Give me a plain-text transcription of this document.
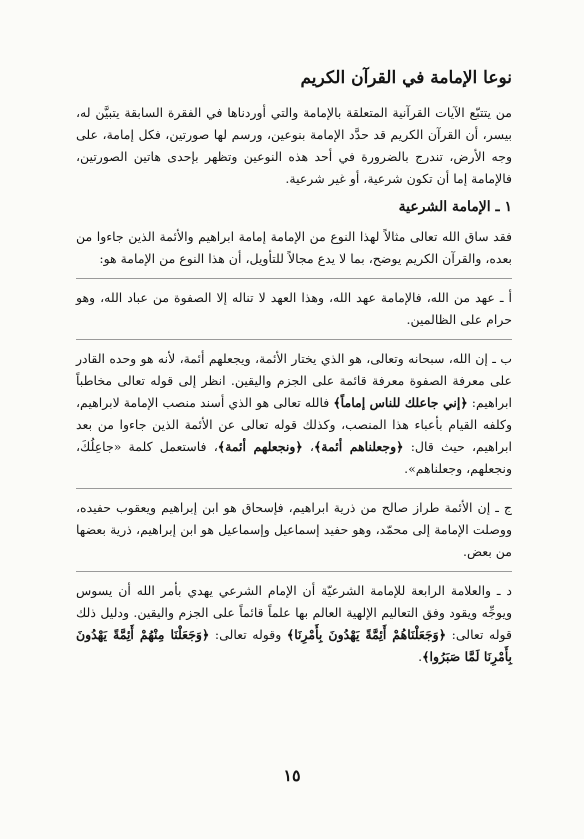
نوعا الإمامة في القرآن الكريم

من يتتبّع الآيات القرآنية المتعلقة بالإمامة والتي أوردناها في الفقرة السابقة يتبيَّن له، بيسر، أن القرآن الكريم قد حدَّد الإمامة بنوعين، ورسم لها صورتين، فكل إمامة، على وجه الأرض، تندرج بالضرورة في أحد هذه النوعين وتظهر بإحدى هاتين الصورتين، فالإمامة إما أن تكون شرعية، أو غير شرعية.

١ ـ الإمامة الشرعية

فقد ساق الله تعالى مثالاً لهذا النوع من الإمامة إمامة ابراهيم والأئمة الذين جاءوا من بعده، والقرآن الكريم يوضح، بما لا يدع مجالاً للتأويل، أن هذا النوع من الإمامة هو:

أ ـ عهد من الله، فالإمامة عهد الله، وهذا العهد لا تناله إلا الصفوة من عباد الله، وهو حرام على الظالمين.

ب ـ إن الله، سبحانه وتعالى، هو الذي يختار الأئمة، ويجعلهم أئمة، لأنه هو وحده القادر على معرفة الصفوة معرفة قائمة على الجزم واليقين. انظر إلى قوله تعالى مخاطباً ابراهيم: ﴿إني جاعلك للناس إماماً﴾ فالله تعالى هو الذي أسند منصب الإمامة لابراهيم، وكلفه القيام بأعباء هذا المنصب، وكذلك قوله تعالى عن الأئمة الذين جاءوا من بعد ابراهيم، حيث قال: ﴿وجعلناهم أئمة﴾، ﴿ونجعلهم أئمة﴾، فاستعمل كلمة «جاعِلُكَ، ونجعلهم، وجعلناهم».

ج ـ إن الأئمة طراز صالح من ذرية ابراهيم، فإسحاق هو ابن إبراهيم ويعقوب حفيده، ووصلت الإمامة إلى محمّد، وهو حفيد إسماعيل وإسماعيل هو ابن إبراهيم، ذرية بعضها من بعض.

د ـ والعلامة الرابعة للإمامة الشرعيّة أن الإمام الشرعي يهدي بأمر الله أن يسوس ويوجِّه ويقود وفق التعاليم الإلهية العالم بها علماً قائماً على الجزم واليقين. ودليل ذلك قوله تعالى: ﴿وَجَعَلْنَاهُمْ أَئِمَّةً يَهْدُونَ بِأَمْرِنَا﴾ وقوله تعالى: ﴿وَجَعَلْنَا مِنْهُمْ أَئِمَّةً يَهْدُونَ بِأَمْرِنَا لَمَّا صَبَرُوا﴾.

١٥
